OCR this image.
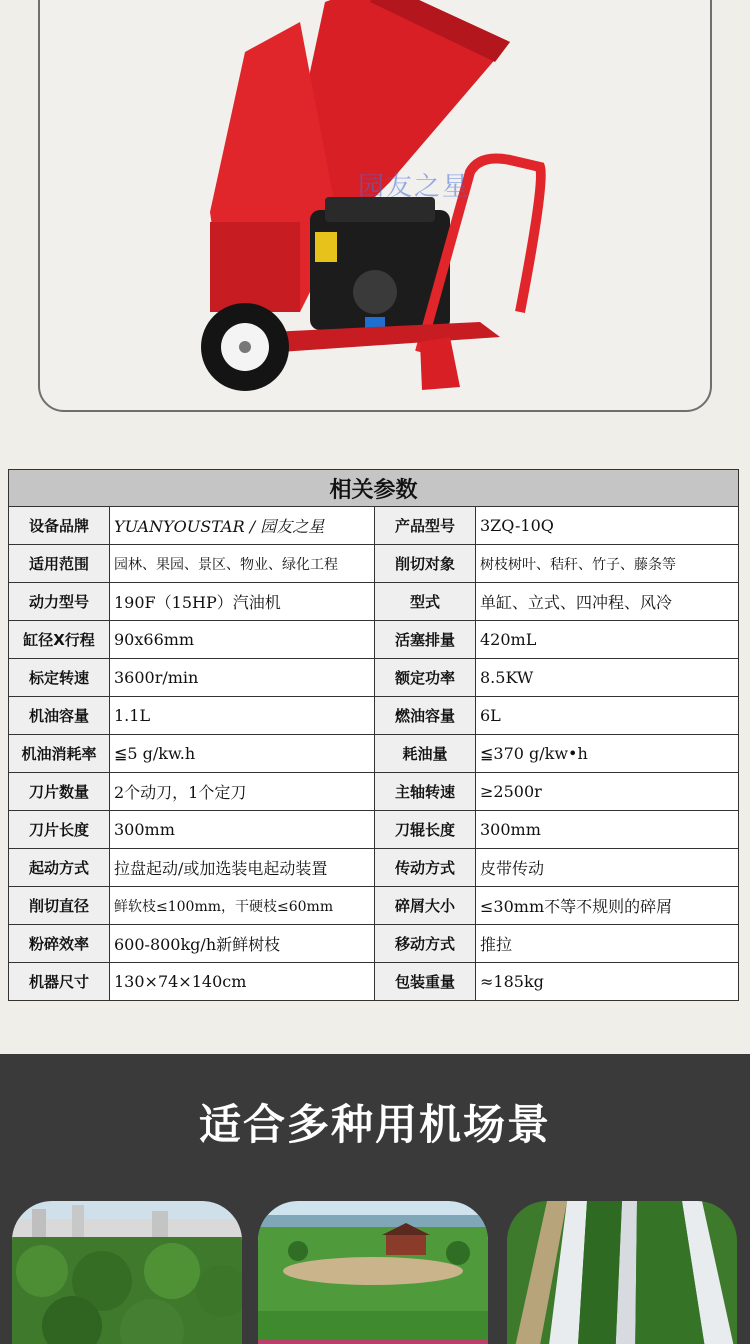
园友之星
相关参数			
设备品牌	YUANYOUSTAR / 园友之星	产品型号	3ZQ-10Q
适用范围	园林、果园、景区、物业、绿化工程	削切对象	树枝树叶、秸秆、竹子、藤条等
动力型号	190F（15HP）汽油机	型式	单缸、立式、四冲程、风冷
缸径X行程	90x66mm	活塞排量	420mL
标定转速	3600r/min	额定功率	8.5KW
机油容量	1.1L	燃油容量	6L
机油消耗率	≦5 g/kw.h	耗油量	≦370 g/kw•h
刀片数量	2个动刀，1个定刀	主轴转速	≥2500r
刀片长度	300mm	刀辊长度	300mm
起动方式	拉盘起动/或加选装电起动装置	传动方式	皮带传动
削切直径	鲜软枝≤100mm，干硬枝≤60mm	碎屑大小	≤30mm不等不规则的碎屑
粉碎效率	600-800kg/h新鲜树枝	移动方式	推拉
机器尺寸	130×74×140cm	包装重量	≈185kg
适合多种用机场景
